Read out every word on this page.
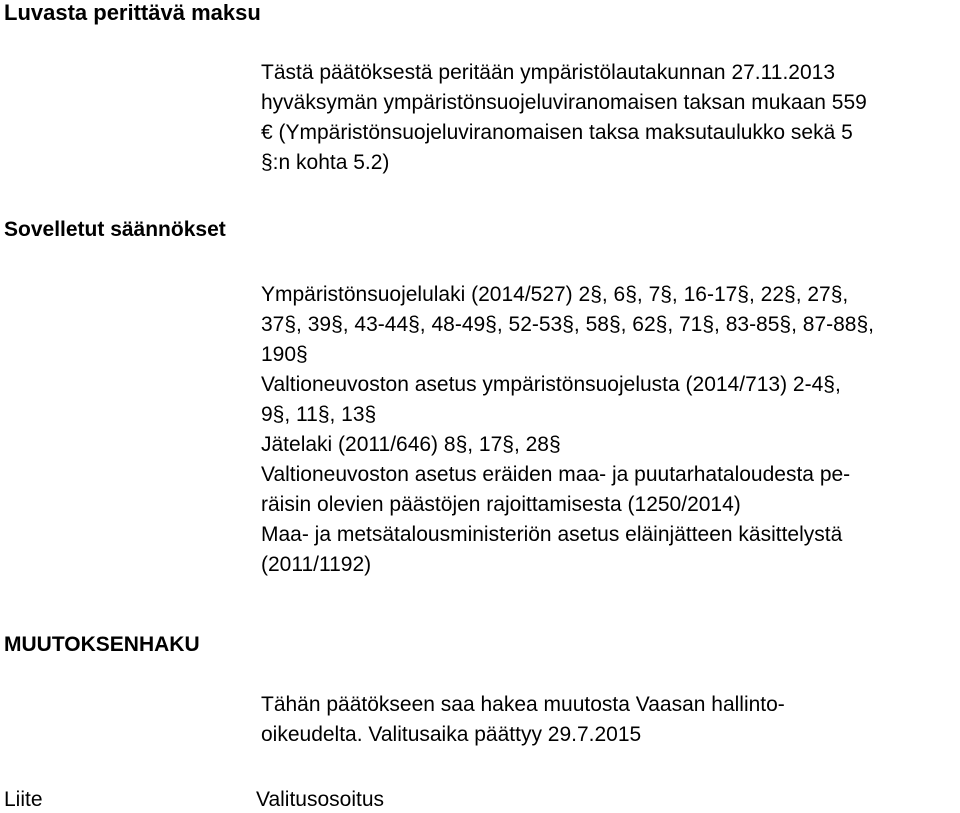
Luvasta perittävä maksu
Tästä päätöksestä peritään ympäristölautakunnan 27.11.2013
hyväksymän ympäristönsuojeluviranomaisen taksan mukaan 559
€ (Ympäristönsuojeluviranomaisen taksa maksutaulukko sekä 5
§:n kohta 5.2)
Sovelletut säännökset
Ympäristönsuojelulaki (2014/527) 2§, 6§, 7§, 16-17§, 22§, 27§,
37§, 39§, 43-44§, 48-49§, 52-53§, 58§, 62§, 71§, 83-85§, 87-88§,
190§
Valtioneuvoston asetus ympäristönsuojelusta (2014/713) 2-4§,
9§, 11§, 13§
Jätelaki (2011/646) 8§, 17§, 28§
Valtioneuvoston asetus eräiden maa- ja puutarhataloudesta pe-
räisin olevien päästöjen rajoittamisesta (1250/2014)
Maa- ja metsätalousministeriön asetus eläinjätteen käsittelystä
(2011/1192)
MUUTOKSENHAKU
Tähän päätökseen saa hakea muutosta Vaasan hallinto-
oikeudelta. Valitusaika päättyy 29.7.2015
Liite	Valitusosoitus
